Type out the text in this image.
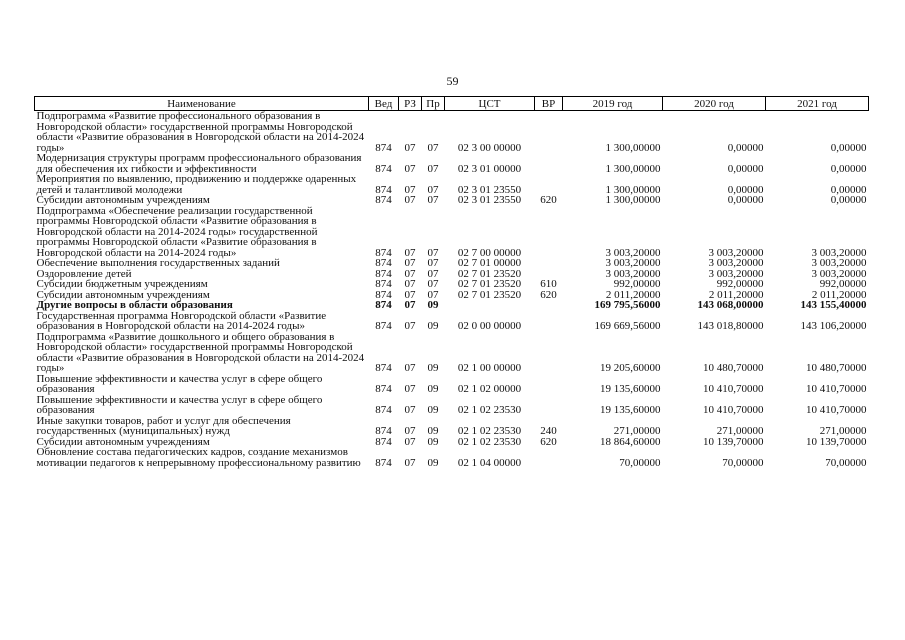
59
Наименование	Вед	РЗ	Пр	ЦСТ	ВР	2019 год	2020 год	2021 год
Подпрограмма «Развитие профессионального образования в Новгородской области» государственной программы Новгородской области «Развитие образования в Новгородской области на 2014-2024 годы»	874	07	07	02 3 00 00000		1 300,00000	0,00000	0,00000
Модернизация структуры программ профессионального образования для обеспечения их гибкости и эффективности	874	07	07	02 3 01 00000		1 300,00000	0,00000	0,00000
Мероприятия по выявлению, продвижению и поддержке одаренных детей и талантливой молодежи	874	07	07	02 3 01 23550		1 300,00000	0,00000	0,00000
Субсидии автономным учреждениям	874	07	07	02 3 01 23550	620	1 300,00000	0,00000	0,00000
Подпрограмма «Обеспечение реализации государственной программы Новгородской области «Развитие образования в Новгородской области на 2014-2024 годы» государственной программы Новгородской области «Развитие образования в Новгородской области на 2014-2024 годы»	874	07	07	02 7 00 00000		3 003,20000	3 003,20000	3 003,20000
Обеспечение выполнения государственных заданий	874	07	07	02 7 01 00000		3 003,20000	3 003,20000	3 003,20000
Оздоровление детей	874	07	07	02 7 01 23520		3 003,20000	3 003,20000	3 003,20000
Субсидии бюджетным учреждениям	874	07	07	02 7 01 23520	610	992,00000	992,00000	992,00000
Субсидии автономным учреждениям	874	07	07	02 7 01 23520	620	2 011,20000	2 011,20000	2 011,20000
Другие вопросы в области образования	874	07	09			169 795,56000	143 068,00000	143 155,40000
Государственная программа Новгородской области «Развитие образования в Новгородской области на 2014-2024 годы»	874	07	09	02 0 00 00000		169 669,56000	143 018,80000	143 106,20000
Подпрограмма «Развитие дошкольного и общего образования в Новгородской области» государственной программы Новгородской области «Развитие образования в Новгородской области на 2014-2024 годы»	874	07	09	02 1 00 00000		19 205,60000	10 480,70000	10 480,70000
Повышение эффективности и качества услуг в сфере общего образования	874	07	09	02 1 02 00000		19 135,60000	10 410,70000	10 410,70000
Повышение эффективности и качества услуг в сфере общего образования	874	07	09	02 1 02 23530		19 135,60000	10 410,70000	10 410,70000
Иные закупки товаров, работ и услуг для обеспечения государственных (муниципальных) нужд	874	07	09	02 1 02 23530	240	271,00000	271,00000	271,00000
Субсидии автономным учреждениям	874	07	09	02 1 02 23530	620	18 864,60000	10 139,70000	10 139,70000
Обновление состава педагогических кадров, создание механизмов мотивации педагогов к непрерывному профессиональному развитию	874	07	09	02 1 04 00000		70,00000	70,00000	70,00000
